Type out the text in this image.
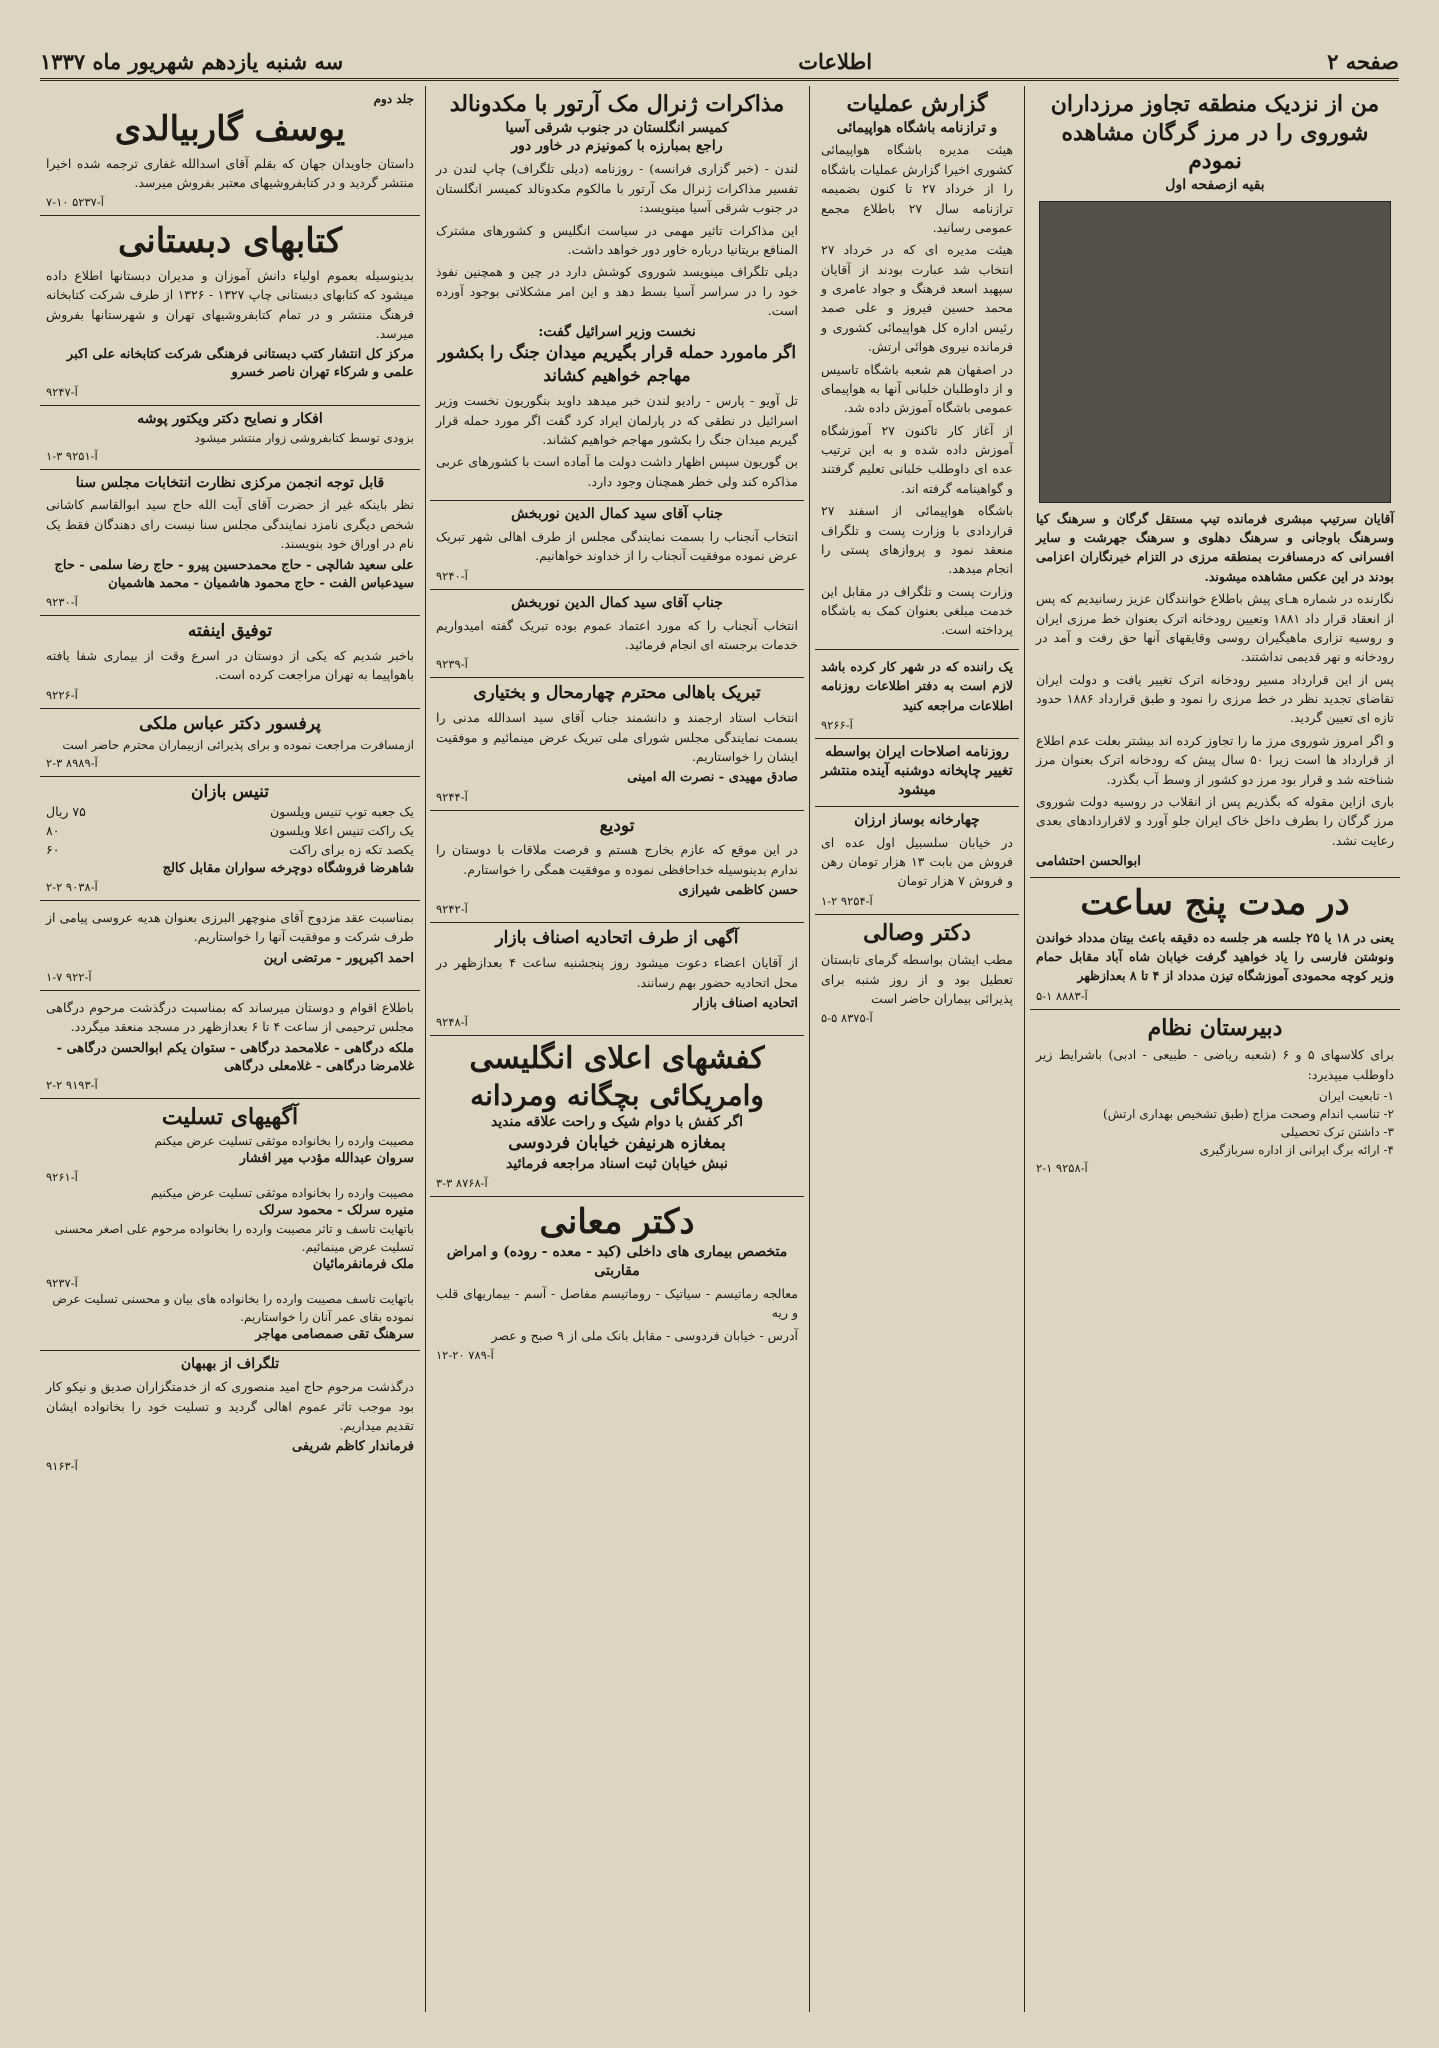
صفحه ۲
اطلاعات
سه شنبه یازدهم شهریور ماه ۱۳۳۷
من از نزدیک منطقه تجاوز مرزداران شوروی را در مرز گرگان مشاهده نمودم
بقیه ازصفحه اول
آقایان سرتیپ مبشری فرمانده تیپ مستقل گرگان و سرهنگ کیا وسرهنگ باوجانی و سرهنگ دهلوی و سرهنگ جهرشت و سایر افسرانی که درمسافرت بمنطقه مرزی در التزام خبرنگاران اعزامی بودند در این عکس مشاهده میشوند.
نگارنده در شماره هـای پیش باطلاع خوانندگان عزیز رسانیدیم که پس از انعقاد قرار داد ۱۸۸۱ وتعیین رودخانه اترک بعنوان خط مرزی ایران و روسیه تزاری ماهیگیران روسی وقایقهای آنها حق رفت و آمد در رودخانه و نهر قدیمی نداشتند.
پس از این قرارداد مسیر رودخانه اترک تغییر یافت و دولت ایران تقاضای تجدید نظر در خط مرزی را نمود و طبق قرارداد ۱۸۸۶ حدود تازه ای تعیین گردید.
و اگر امروز شوروی مرز ما را تجاوز کرده اند بیشتر بعلت عدم اطلاع از قرارداد ها است زیرا ۵۰ سال پیش که رودخانه اترک بعنوان مرز شناخته شد و قرار بود مرز دو کشور از وسط آب بگذرد.
باری ازاین مقوله که بگذریم پس از انقلاب در روسیه دولت شوروی مرز گرگان را بطرف داخل خاک ایران جلو آورد و لاقراردادهای بعدی رعایت نشد.
ابوالحسن احتشامی
در مدت پنج ساعت
یعنی در ۱۸ یا ۲۵ جلسه هر جلسه ده دقیقه باعث بیتان مدداد خواندن ونوشتن فارسی را یاد خواهید گرفت خیابان شاه آباد مقابل حمام وزیر کوچه محمودی آموزشگاه تیزن مدداد از ۴ تا ۸ بعدازظهر
آ-۸۸۸۳ ۱-۵
دبیرستان نظام
برای کلاسهای ۵ و ۶ (شعبه ریاضی - طبیعی - ادبی) باشرایط زیر داوطلب میپذیرد:
۱- تابعیت ایران
۲- تناسب اندام وصحت مزاج (طبق تشخیص بهداری ارتش)
۳- داشتن ترک تحصیلی
۴- ارائه برگ ایرانی از اداره سربازگیری
آ-۹۲۵۸ ۱-۲
گزارش عملیات
و ترازنامه باشگاه هواپیمائی
هیئت مدیره باشگاه هواپیمائی کشوری اخیرا گزارش عملیات باشگاه را از خرداد ۲۷ تا کنون بضمیمه ترازنامه سال ۲۷ باطلاع مجمع عمومی رسانید.
هیئت مدیره ای که در خرداد ۲۷ انتخاب شد عبارت بودند از آقایان سپهبد اسعد فرهنگ و جواد عامری و محمد حسین فیروز و علی صمد رئیس اداره کل هواپیمائی کشوری و فرمانده نیروی هوائی ارتش.
در اصفهان هم شعبه باشگاه تاسیس و از داوطلبان خلبانی آنها به هواپیمای عمومی باشگاه آموزش داده شد.
از آغاز کار تاکنون ۲۷ آموزشگاه آموزش داده شده و به این ترتیب عده ای داوطلب خلبانی تعلیم گرفتند و گواهینامه گرفته اند.
باشگاه هواپیمائی از اسفند ۲۷ قراردادی با وزارت پست و تلگراف منعقد نمود و پروازهای پستی را انجام میدهد.
وزارت پست و تلگراف در مقابل این خدمت مبلغی بعنوان کمک به باشگاه پرداخته است.
یک راننده که در شهر کار کرده باشد لازم است به دفتر اطلاعات روزنامه اطلاعات مراجعه کنید
آ-۹۲۶۶
روزنامه اصلاحات ایران بواسطه تغییر چاپخانه دوشنبه آینده منتشر میشود
چهارخانه بوساز ارزان
در خیابان سلسبیل اول عده ای فروش من بابت ۱۳ هزار تومان رهن و فروش ۷ هزار تومان
آ-۹۲۵۴ ۲-۱
دکتر وصالی
مطب ایشان بواسطه گرمای تابستان تعطیل بود و از روز شنبه برای پذیرائی بیماران حاضر است
آ-۸۳۷۵ ۵-۵
مذاکرات ژنرال مک آرتور با مکدونالد
کمیسر انگلستان در جنوب شرقی آسیا
راجع بمبارزه با کمونیزم در خاور دور
لندن - (خبر گزاری فرانسه) - روزنامه (دیلی تلگراف) چاپ لندن در تفسیر مذاکرات ژنرال مک آرتور با مالکوم مکدونالد کمیسر انگلستان در جنوب شرقی آسیا مینویسد:
این مذاکرات تاثیر مهمی در سیاست انگلیس و کشورهای مشترک المنافع بریتانیا درباره خاور دور خواهد داشت.
دیلی تلگراف مینویسد شوروی کوشش دارد در چین و همچنین نفوذ خود را در سراسر آسیا بسط دهد و این امر مشکلاتی بوجود آورده است.
نخست وزیر اسرائیل گفت:
اگر مامورد حمله قرار بگیریم میدان جنگ را بکشور مهاجم خواهیم کشاند
تل آویو - پارس - رادیو لندن خبر میدهد داوید بنگوریون نخست وزیر اسرائیل در نطقی که در پارلمان ایراد کرد گفت اگر مورد حمله قرار گیریم میدان جنگ را بکشور مهاجم خواهیم کشاند.
بن گوریون سپس اظهار داشت دولت ما آماده است با کشورهای عربی مذاکره کند ولی خطر همچنان وجود دارد.
جناب آقای سید کمال الدین نوربخش
انتخاب آنجناب را بسمت نمایندگی مجلس از طرف اهالی شهر تبریک عرض نموده موفقیت آنجناب را از خداوند خواهانیم.
آ-۹۲۴۰
جناب آقای سید کمال الدین نوربخش
انتخاب آنجناب را که مورد اعتماد عموم بوده تبریک گفته امیدواریم خدمات برجسته ای انجام فرمائید.
آ-۹۲۳۹
تبریک باهالی محترم چهارمحال و بختیاری
انتخاب استاد ارجمند و دانشمند جناب آقای سید اسدالله مدنی را بسمت نمایندگی مجلس شورای ملی تبریک عرض مینمائیم و موفقیت ایشان را خواستاریم.
صادق مهیدی - نصرت اله امینی
آ-۹۲۴۴
تودیع
در این موقع که عازم بخارج هستم و فرصت ملاقات با دوستان را ندارم بدینوسیله خداحافظی نموده و موفقیت همگی را خواستارم.
حسن کاظمی شیرازی
آ-۹۲۴۲
آگهی از طرف اتحادیه اصناف بازار
از آقایان اعضاء دعوت میشود روز پنجشنبه ساعت ۴ بعدازظهر در محل اتحادیه حضور بهم رسانند.
اتحادیه اصناف بازار
آ-۹۲۴۸
کفشهای اعلای انگلیسی
وامریکائی بچگانه ومردانه
اگر کفش با دوام شیک و راحت علاقه مندید
بمغازه هرنیفن خیابان فردوسی
نبش خیابان ثبت اسناد مراجعه فرمائید
آ-۸۷۶۸ ۳-۳
دکتر معانی
متخصص بیماری های داخلی (کبد - معده - روده) و امراض مقاربتی
معالجه رماتیسم - سیاتیک - روماتیسم مفاصل - آسم - بیماریهای قلب و ریه
آدرس - خیابان فردوسی - مقابل بانک ملی از ۹ صبح و عصر
آ-۷۸۹ ۲۰-۱۲
جلد دوم
یوسف گاربیالدی
داستان جاویدان جهان که بقلم آقای اسدالله غفاری ترجمه شده اخیرا منتشر گردید و در کتابفروشیهای معتبر بفروش میرسد.
آ-۵۲۳۷ ۱۰-۷
کتابهای دبستانی
بدینوسیله بعموم اولیاء دانش آموزان و مدیران دبستانها اطلاع داده میشود که کتابهای دبستانی چاپ ۱۳۲۷ - ۱۳۲۶ از طرف شرکت کتابخانه فرهنگ منتشر و در تمام کتابفروشیهای تهران و شهرستانها بفروش میرسد.
مرکز کل انتشار کتب دبستانی فرهنگی شرکت کتابخانه علی اکبر علمی و شرکاء تهران ناصر خسرو
آ-۹۲۴۷
افکار و نصایح دکتر ویکتور پوشه
بزودی توسط کتابفروشی زوار منتشر میشود
آ-۹۲۵۱ ۳-۱
قابل توجه انجمن مرکزی نظارت انتخابات مجلس سنا
نظر باینکه غیر از حضرت آقای آیت الله حاج سید ابوالقاسم کاشانی شخص دیگری نامزد نمایندگی مجلس سنا نیست رای دهندگان فقط یک نام در اوراق خود بنویسند.
علی سعید شالچی - حاج محمدحسین پیرو - حاج رضا سلمی - حاج سیدعباس الفت - حاج محمود هاشمیان - محمد هاشمیان
آ-۹۲۳۰
توفیق اینفته
باخبر شدیم که یکی از دوستان در اسرع وقت از بیماری شفا یافته باهواپیما به تهران مراجعت کرده است.
آ-۹۲۲۶
پرفسور دکتر عباس ملکی
ازمسافرت مراجعت نموده و برای پذیرائی ازبیماران محترم حاضر است
آ-۸۹۸۹ ۳-۲
تنیس بازان
یک جعبه توپ تنیس ویلسون
۷۵ ریال
یک راکت تنیس اعلا ویلسون
۸۰
یکصد تکه زه برای راکت
۶۰
شاهرضا فروشگاه دوچرخه سواران مقابل کالج
آ-۹۰۳۸ ۲-۲
بمناسبت عقد مزدوج آقای منوچهر البرزی بعنوان هدیه عروسی پیامی از طرف شرکت و موفقیت آنها را خواستاریم.
احمد اکبرپور - مرتضی ارین
آ-۹۲۲ ۷-۱
باطلاع اقوام و دوستان میرساند که بمناسبت درگذشت مرحوم درگاهی مجلس ترحیمی از ساعت ۴ تا ۶ بعدازظهر در مسجد منعقد میگردد.
ملکه درگاهی - علامحمد درگاهی - ستوان یکم ابوالحسن درگاهی - غلامرضا درگاهی - غلامعلی درگاهی
آ-۹۱۹۳ ۲-۲
آگهیهای تسلیت
مصیبت وارده را بخانواده موثقی تسلیت عرض میکنم
سروان عبدالله مؤدب میر افشار
آ-۹۲۶۱
مصیبت وارده را بخانواده موثقی تسلیت عرض میکنیم
منیره سرلک - محمود سرلک
باتهایت تاسف و تاثر مصیبت وارده را بخانواده مرحوم علی اصغر محسنی تسلیت عرض مینمائیم.
ملک فرمانفرمائیان
آ-۹۲۳۷
باتهایت تاسف مصیبت وارده را بخانواده های بیان و محسنی تسلیت عرض نموده بقای عمر آنان را خواستاریم.
سرهنگ تقی صمصامی مهاجر
تلگراف از بهبهان
درگذشت مرحوم حاج امید منصوری که از خدمتگزاران صدیق و نیکو کار بود موجب تاثر عموم اهالی گردید و تسلیت خود را بخانواده ایشان تقدیم میداریم.
فرماندار کاظم شریفی
آ-۹۱۶۳
